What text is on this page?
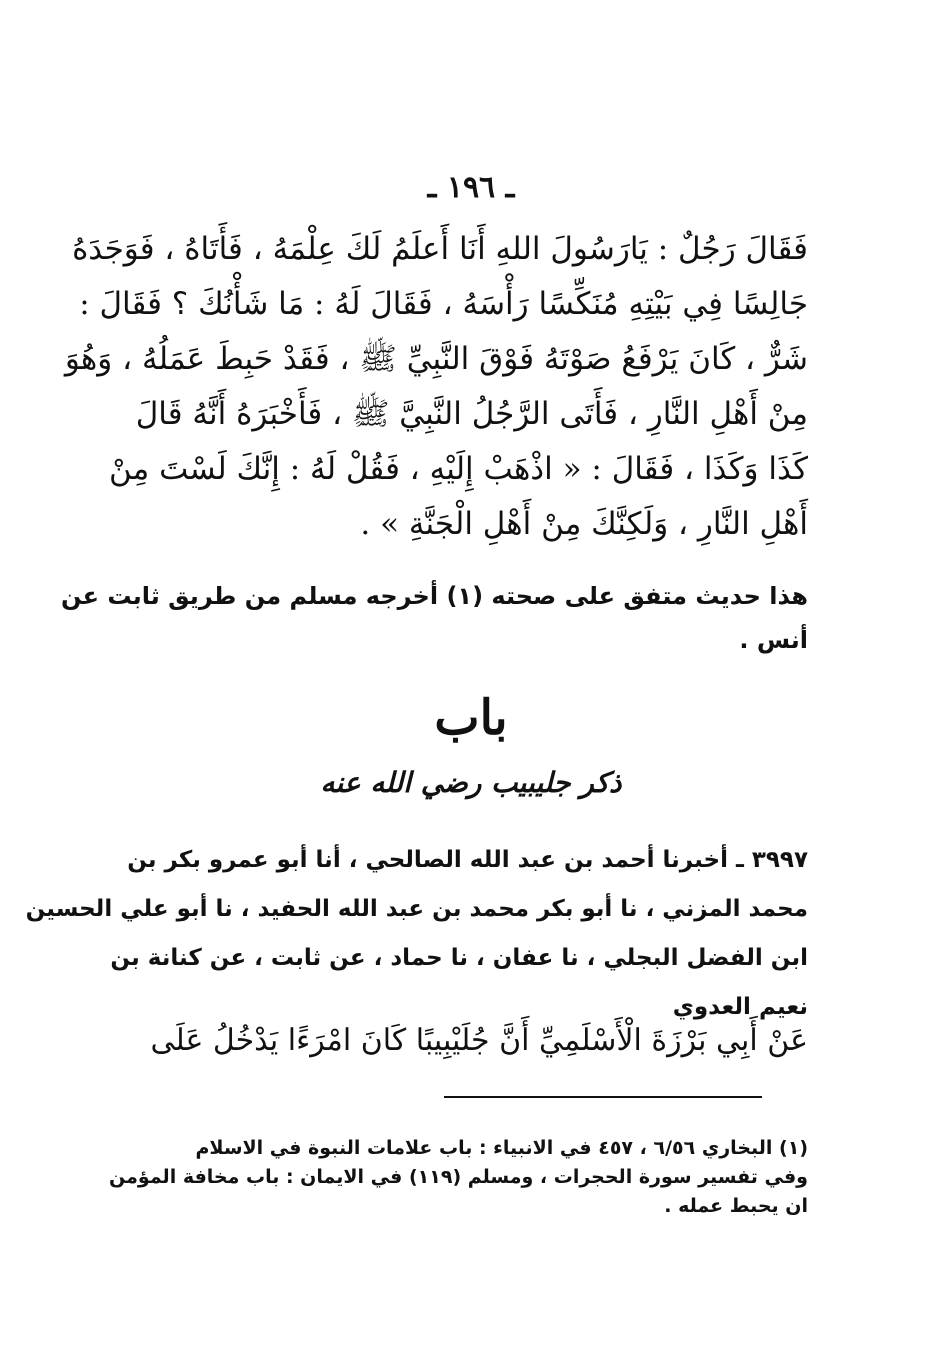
ـ ١٩٦ ـ
فَقَالَ رَجُلٌ : يَارَسُولَ اللهِ أَنَا أَعلَمُ لَكَ عِلْمَهُ ، فَأَتَاهُ ، فَوَجَدَهُ
جَالِسًا فِي بَيْتِهِ مُنَكِّسًا رَأْسَهُ ، فَقَالَ لَهُ : مَا شَأْنُكَ ؟ فَقَالَ :
شَرٌّ ، كَانَ يَرْفَعُ صَوْتَهُ فَوْقَ النَّبِيِّ ﷺ ، فَقَدْ حَبِطَ عَمَلُهُ ، وَهُوَ
مِنْ أَهْلِ النَّارِ ، فَأَتَى الرَّجُلُ النَّبِيَّ ﷺ ، فَأَخْبَرَهُ أَنَّهُ قَالَ
كَذَا وَكَذَا ، فَقَالَ : « اذْهَبْ إِلَيْهِ ، فَقُلْ لَهُ : إِنَّكَ لَسْتَ مِنْ
أَهْلِ النَّارِ ، وَلَكِنَّكَ مِنْ أَهْلِ الْجَنَّةِ » .
هذا حديث متفق على صحته (١) أخرجه مسلم من طريق ثابت عن
أنس .
باب
ذكر جليبيب رضي الله عنه
٣٩٩٧ ـ أخبرنا أحمد بن عبد الله الصالحي ، أنا أبو عمرو بكر بن
محمد المزني ، نا أبو بكر محمد بن عبد الله الحفيد ، نا أبو علي الحسين
ابن الفضل البجلي ، نا عفان ، نا حماد ، عن ثابت ، عن كنانة بن
نعيم العدوي
عَنْ أَبِي بَرْزَةَ الْأَسْلَمِيِّ أَنَّ جُلَيْبِيبًا كَانَ امْرَءًا يَدْخُلُ عَلَى
(١) البخاري ٦/٥٦ ، ٤٥٧ في الانبياء : باب علامات النبوة في الاسلام
وفي تفسير سورة الحجرات ، ومسلم (١١٩) في الايمان : باب مخافة المؤمن
ان يحبط عمله .
